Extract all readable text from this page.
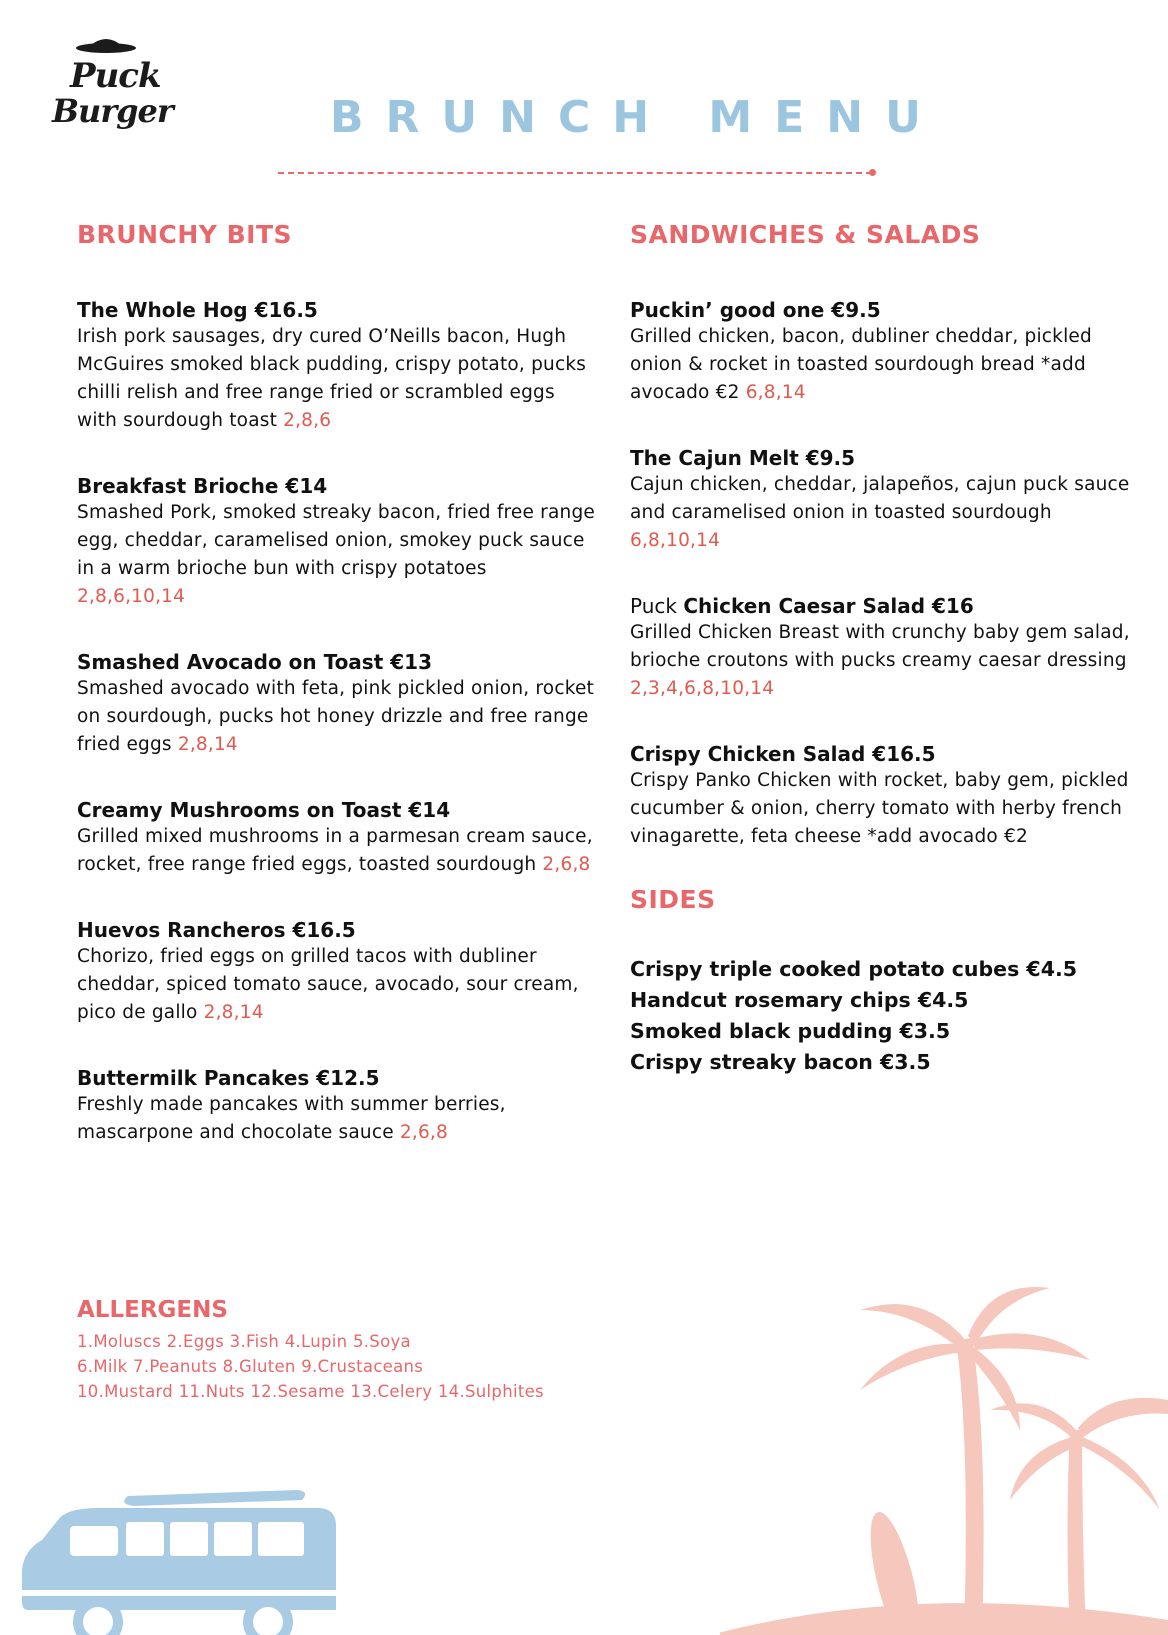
Puck
Burger	BRUNCH MENU
BRUNCHY BITS
The Whole Hog €16.5
Irish pork sausages, dry cured O’Neills bacon, Hugh McGuires smoked black pudding, crispy potato, pucks chilli relish and free range fried or scrambled eggs with sourdough toast 2,8,6
Breakfast Brioche €14
Smashed Pork, smoked streaky bacon, fried free range egg, cheddar, caramelised onion, smokey puck sauce in a warm brioche bun with crispy potatoes 2,8,6,10,14
Smashed Avocado on Toast €13
Smashed avocado with feta, pink pickled onion, rocket on sourdough, pucks hot honey drizzle and free range fried eggs 2,8,14
Creamy Mushrooms on Toast €14
Grilled mixed mushrooms in a parmesan cream sauce, rocket, free range fried eggs, toasted sourdough 2,6,8
Huevos Rancheros €16.5
Chorizo, fried eggs on grilled tacos with dubliner cheddar, spiced tomato sauce, avocado, sour cream, pico de gallo 2,8,14
Buttermilk Pancakes €12.5
Freshly made pancakes with summer berries, mascarpone and chocolate sauce 2,6,8
SANDWICHES & SALADS
Puckin’ good one €9.5
Grilled chicken, bacon, dubliner cheddar, pickled onion & rocket in toasted sourdough bread *add avocado €2 6,8,14
The Cajun Melt €9.5
Cajun chicken, cheddar, jalapeños, cajun puck sauce and caramelised onion in toasted sourdough 6,8,10,14
Puck Chicken Caesar Salad €16
Grilled Chicken Breast with crunchy baby gem salad, brioche croutons with pucks creamy caesar dressing 2,3,4,6,8,10,14
Crispy Chicken Salad €16.5
Crispy Panko Chicken with rocket, baby gem, pickled cucumber & onion, cherry tomato with herby french vinagarette, feta cheese *add avocado €2
SIDES
Crispy triple cooked potato cubes €4.5
Handcut rosemary chips €4.5
Smoked black pudding €3.5
Crispy streaky bacon €3.5
ALLERGENS
1.Moluscs 2.Eggs 3.Fish 4.Lupin 5.Soya
6.Milk 7.Peanuts 8.Gluten 9.Crustaceans
10.Mustard 11.Nuts 12.Sesame 13.Celery 14.Sulphites
